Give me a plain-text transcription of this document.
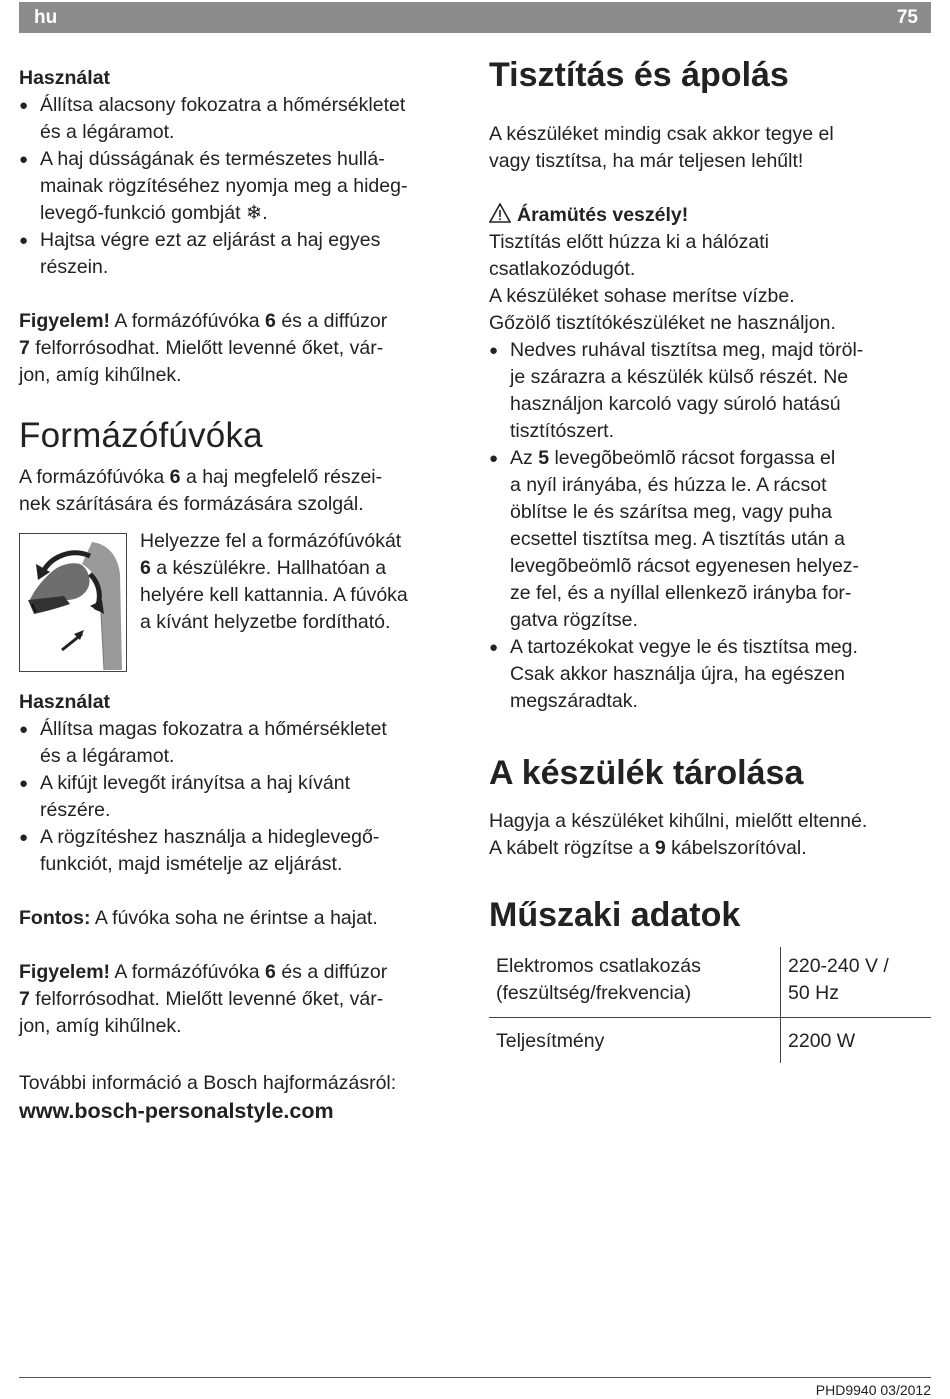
hu	75

Használat

● Állítsa alacsony fokozatra a hőmérsékletet
és a légáramot.
● A haj dússágának és természetes hullá-
mainak rögzítéséhez nyomja meg a hideg-
levegő-funkció gombját ❄.
● Hajtsa végre ezt az eljárást a haj egyes
részein.

Figyelem! A formázófúvóka 6 és a diffúzor
7 felforrósodhat. Mielőtt levenné őket, vár-
jon, amíg kihűlnek.

Formázófúvóka

A formázófúvóka 6 a haj megfelelő részei-
nek szárítására és formázására szolgál.

Helyezze fel a formázófúvókát
6 a készülékre. Hallhatóan a
helyére kell kattannia. A fúvóka
a kívánt helyzetbe fordítható.

Használat

● Állítsa magas fokozatra a hőmérsékletet
és a légáramot.
● A kifújt levegőt irányítsa a haj kívánt
részére.
● A rögzítéshez használja a hideglevegő-
funkciót, majd ismételje az eljárást.

Fontos: A fúvóka soha ne érintse a hajat.

Figyelem! A formázófúvóka 6 és a diffúzor
7 felforrósodhat. Mielőtt levenné őket, vár-
jon, amíg kihűlnek.

Tisztítás és ápolás

A készüléket mindig csak akkor tegye el
vagy tisztítsa, ha már teljesen lehűlt!

Áramütés veszély!

Tisztítás előtt húzza ki a hálózati
csatlakozódugót.
A készüléket sohase merítse vízbe.
Gőzölő tisztítókészüléket ne használjon.

● Nedves ruhával tisztítsa meg, majd töröl-
je szárazra a készülék külső részét. Ne
használjon karcoló vagy súroló hatású
tisztítószert.
● Az 5 levegõbeömlõ rácsot forgassa el
a nyíl irányába, és húzza le. A rácsot
öblítse le és szárítsa meg, vagy puha
ecsettel tisztítsa meg. A tisztítás után a
levegõbeömlõ rácsot egyenesen helyez-
ze fel, és a nyíllal ellenkezõ irányba for-
gatva rögzítse.
● A tartozékokat vegye le és tisztítsa meg.
Csak akkor használja újra, ha egészen
megszáradtak.
A készülék tárolása

Hagyja a készüléket kihűlni, mielőtt eltenné.
A kábelt rögzítse a 9 kábelszorítóval.

Műszaki adatok
Elektromos csatlakozás
(feszültség/frekvencia)	220-240 V /
50 Hz
Teljesítmény	2200 W

További információ a Bosch hajformázásról:

www.bosch-personalstyle.com
PHD9940 03/2012
